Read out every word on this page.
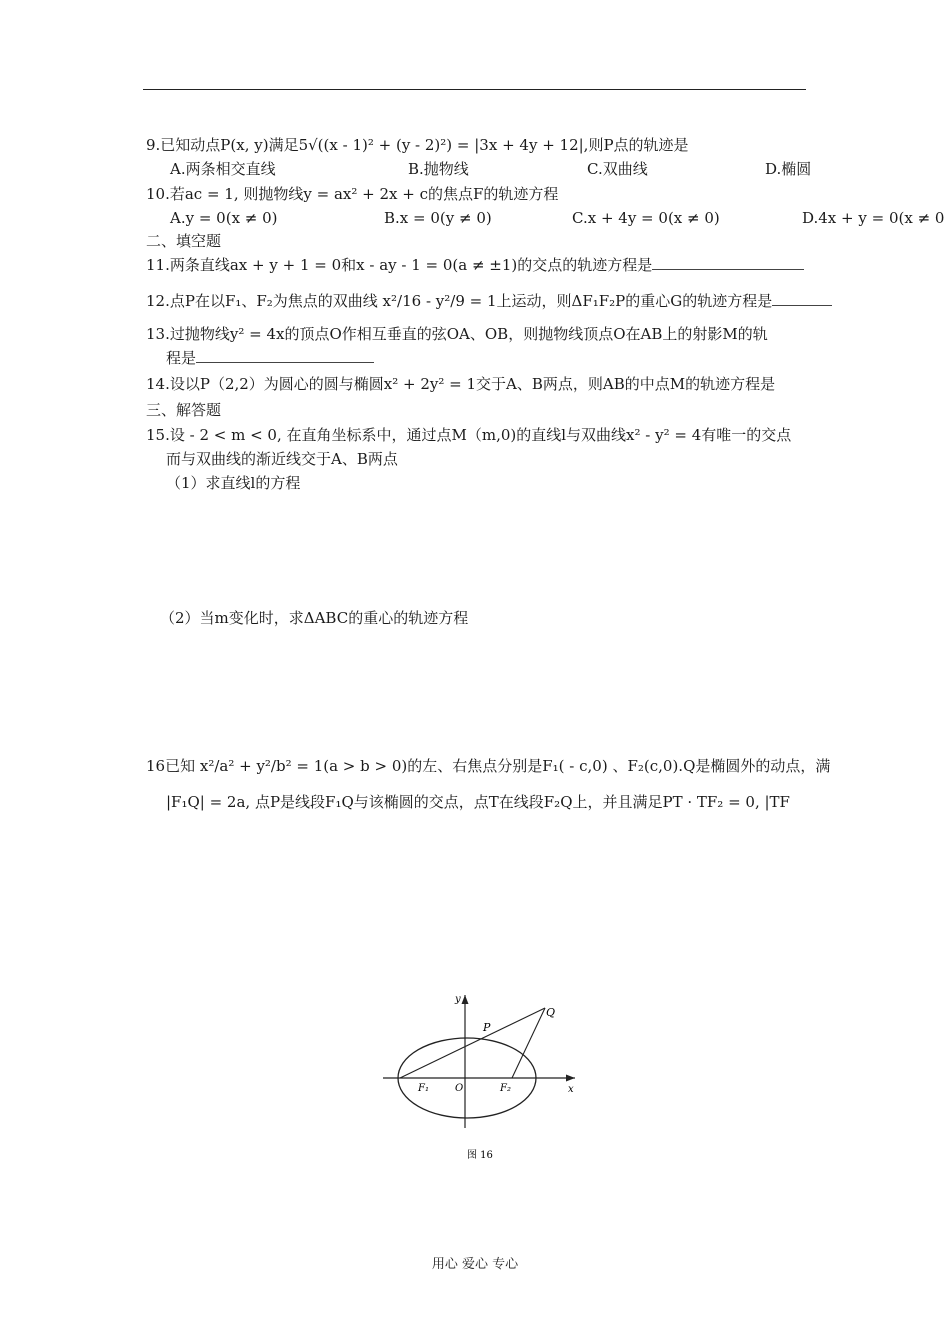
9.已知动点P(x, y)满足5√((x - 1)² + (y - 2)²) = |3x + 4y + 12|,则P点的轨迹是
A.两条相交直线	B.抛物线	C.双曲线	D.椭圆
10.若ac = 1, 则抛物线y = ax² + 2x + c的焦点F的轨迹方程
A.y = 0(x ≠ 0)	B.x = 0(y ≠ 0)	C.x + 4y = 0(x ≠ 0)	D.4x + y = 0(x ≠ 0
二、填空题
11.两条直线ax + y + 1 = 0和x - ay - 1 = 0(a ≠ ±1)的交点的轨迹方程是
12.点P在以F₁、F₂为焦点的双曲线 x²/16 - y²/9 = 1上运动，则ΔF₁F₂P的重心G的轨迹方程是
13.过抛物线y² = 4x的顶点O作相互垂直的弦OA、OB，则抛物线顶点O在AB上的射影M的轨
程是
14.设以P（2,2）为圆心的圆与椭圆x² + 2y² = 1交于A、B两点，则AB的中点M的轨迹方程是
三、解答题
15.设 - 2 < m < 0, 在直角坐标系中，通过点M（m,0)的直线l与双曲线x² - y² = 4有唯一的交点
而与双曲线的渐近线交于A、B两点
（1）求直线l的方程
（2）当m变化时，求ΔABC的重心的轨迹方程
16已知 x²/a² + y²/b² = 1(a > b > 0)的左、右焦点分别是F₁( - c,0) 、F₂(c,0).Q是椭圆外的动点，满
|F₁Q| = 2a, 点P是线段F₁Q与该椭圆的交点，点T在线段F₂Q上，并且满足PT · TF₂ = 0, |TF
y
x
P
Q
F₁	O	F₂
图 16
用心 爱心 专心
